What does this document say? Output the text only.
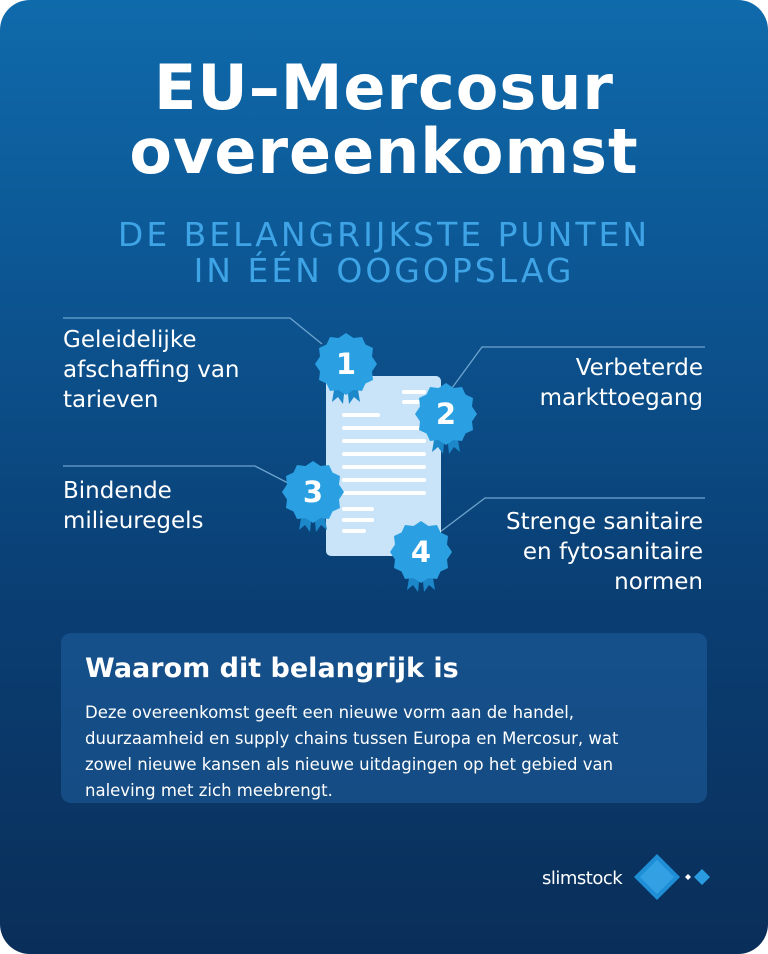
EU–Mercosur
overeenkomst
DE BELANGRIJKSTE PUNTEN
IN ÉÉN OOGOPSLAG
1
2
3
4
Geleidelijke
afschaffing van
tarieven
Verbeterde
markttoegang
Bindende
milieuregels	Strenge sanitaire
en fytosanitaire
normen
Waarom dit belangrijk is
Deze overeenkomst geeft een nieuwe vorm aan de handel,
duurzaamheid en supply chains tussen Europa en Mercosur, wat
zowel nieuwe kansen als nieuwe uitdagingen op het gebied van
naleving met zich meebrengt.
slimstock
